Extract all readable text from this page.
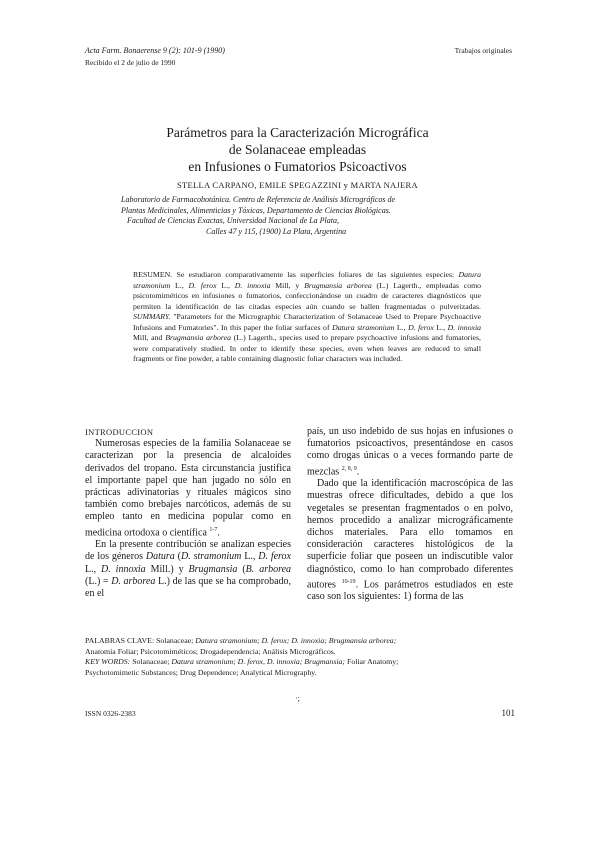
Acta Farm. Bonaerense 9 (2): 101-9 (1990)
Recibido el 2 de julio de 1990
Trabajos originales
Parámetros para la Caracterización Micrográfica
de Solanaceae empleadas
en Infusiones o Fumatorios Psicoactivos
STELLA CARPANO, EMILE SPEGAZZINI y MARTA NAJERA
Laboratorio de Farmacobotánica. Centro de Referencia de Análisis Micrográficos de
Plantas Medicinales, Alimenticias y Tóxicas, Departamento de Ciencias Biológicas.
Facultad de Ciencias Exactas, Universidad Nacional de La Plata,
Calles 47 y 115, (1900) La Plata, Argentina

RESUMEN. Se estudiaron comparativamente las superficies foliares de las siguientes especies: Datura stramonium L., D. ferox L., D. innoxia Mill, y Brugmansia arborea (L.) Lagerth., empleadas como psicotomiméticos en infusiones o fumatorios, confeccionándose un cuadro de caracteres diagnósticos que permiten la identificación de las citadas especies aún cuando se hallen fragmentadas o pulverizadas. SUMMARY. "Parameters for the Micrographic Characterization of Solanaceae Used to Prepare Psychoactive Infusions and Fumatories". In this paper the foliar surfaces of Datura stramonium L., D. ferox L., D. innoxia Mill, and Brugmansia arborea (L.) Lagerth., species used to prepare psychoactive infusions and fumatories, were comparatively studied. In order to identify these species, even when leaves are reduced to small fragments or fine powder, a table containing diagnostic foliar characters was included.

INTRODUCCION

Numerosas especies de la familia Solanaceae se caracterizan por la presencia de alcaloides derivados del tropano. Esta circunstancia justifica el importante papel que han jugado no sólo en prácticas adivinatorias y rituales mágicos sino también como brebajes narcóticos, además de su empleo tanto en medicina popular como en medicina ortodoxa o científica $^{1-7}$.

En la presente contribución se analizan especies de los géneros Datura (D. stramonium L., D. ferox L., D. innoxia Mill.) y Brugmansia (B. arborea (L.) = D. arborea L.) de las que se ha comprobado, en el

país, un uso indebido de sus hojas en infusiones o fumatorios psicoactivos, presentándose en casos como drogas únicas o a veces formando parte de mezclas $^{2, 8, 9}$.

Dado que la identificación macroscópica de las muestras ofrece dificultades, debido a que los vegetales se presentan fragmentados o en polvo, hemos procedido a analizar micrográficamente dichos materiales. Para ello tomamos en consideración caracteres histológicos de la superficie foliar que poseen un indiscutible valor diagnóstico, como lo han comprobado diferentes autores $^{10-19}$. Los parámetros estudiados en este caso son los siguientes: 1) forma de las

PALABRAS CLAVE: Solanaceae; Datura stramonium; D. ferox; D. innoxia; Brugmansia arborea;
Anatomía Foliar; Psicotomiméticos; Drogadependencia; Análisis Micrográficos.
KEY WORDS: Solanaceae; Datura stramonium; D. ferox, D. innoxia; Brugmansia; Foliar Anatomy;
Psychotomimetic Substances; Drug Dependence; Analytical Micrography.
·;
ISSN 0326-2383	101
